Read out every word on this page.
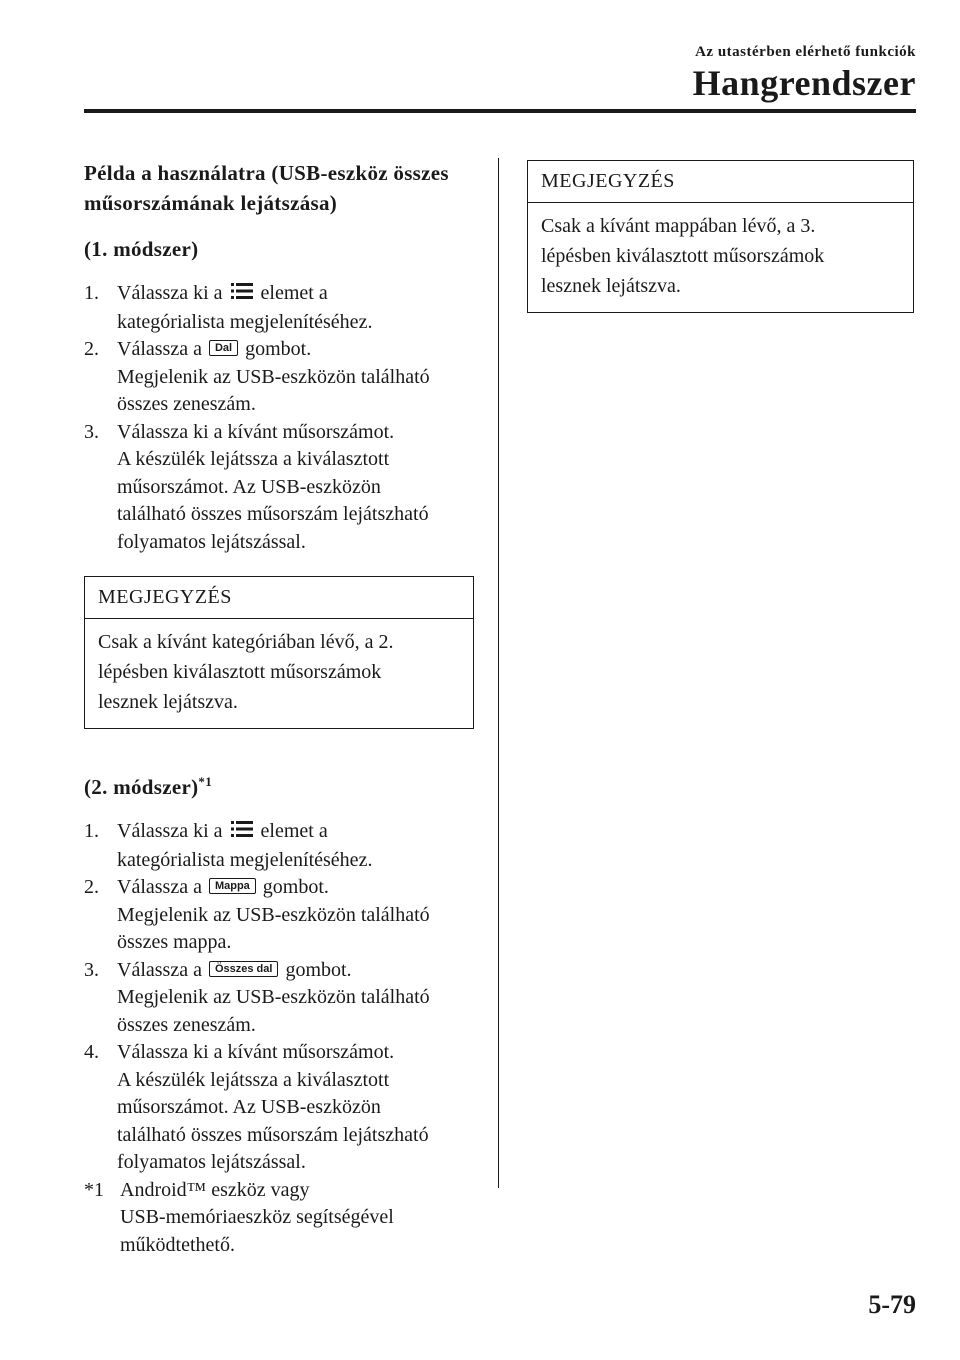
Az utastérben elérhető funkciók
Hangrendszer

Példa a használatra (USB-eszköz összes
műsorszámának lejátszása)

(1. módszer)

1. Válassza ki a elemet a
kategórialista megjelenítéséhez.
2. Válassza a Dal gombot.
Megjelenik az USB-eszközön található
összes zeneszám.
3. Válassza ki a kívánt műsorszámot.
A készülék lejátssza a kiválasztott
műsorszámot. Az USB-eszközön
található összes műsorszám lejátszható
folyamatos lejátszással.
MEGJEGYZÉS
Csak a kívánt kategóriában lévő, a 2.
lépésben kiválasztott műsorszámok
lesznek lejátszva.

(2. módszer)$^{*1}$

1. Válassza ki a elemet a
kategórialista megjelenítéséhez.
2. Válassza a Mappa gombot.
Megjelenik az USB-eszközön található
összes mappa.
3. Válassza a Összes dal gombot.
Megjelenik az USB-eszközön található
összes zeneszám.
4. Válassza ki a kívánt műsorszámot.
A készülék lejátssza a kiválasztott
műsorszámot. Az USB-eszközön
található összes műsorszám lejátszható
folyamatos lejátszással.
*1 Android™ eszköz vagy
USB-memóriaeszköz segítségével
működtethető.
MEGJEGYZÉS
Csak a kívánt mappában lévő, a 3.
lépésben kiválasztott műsorszámok
lesznek lejátszva.
5-79
